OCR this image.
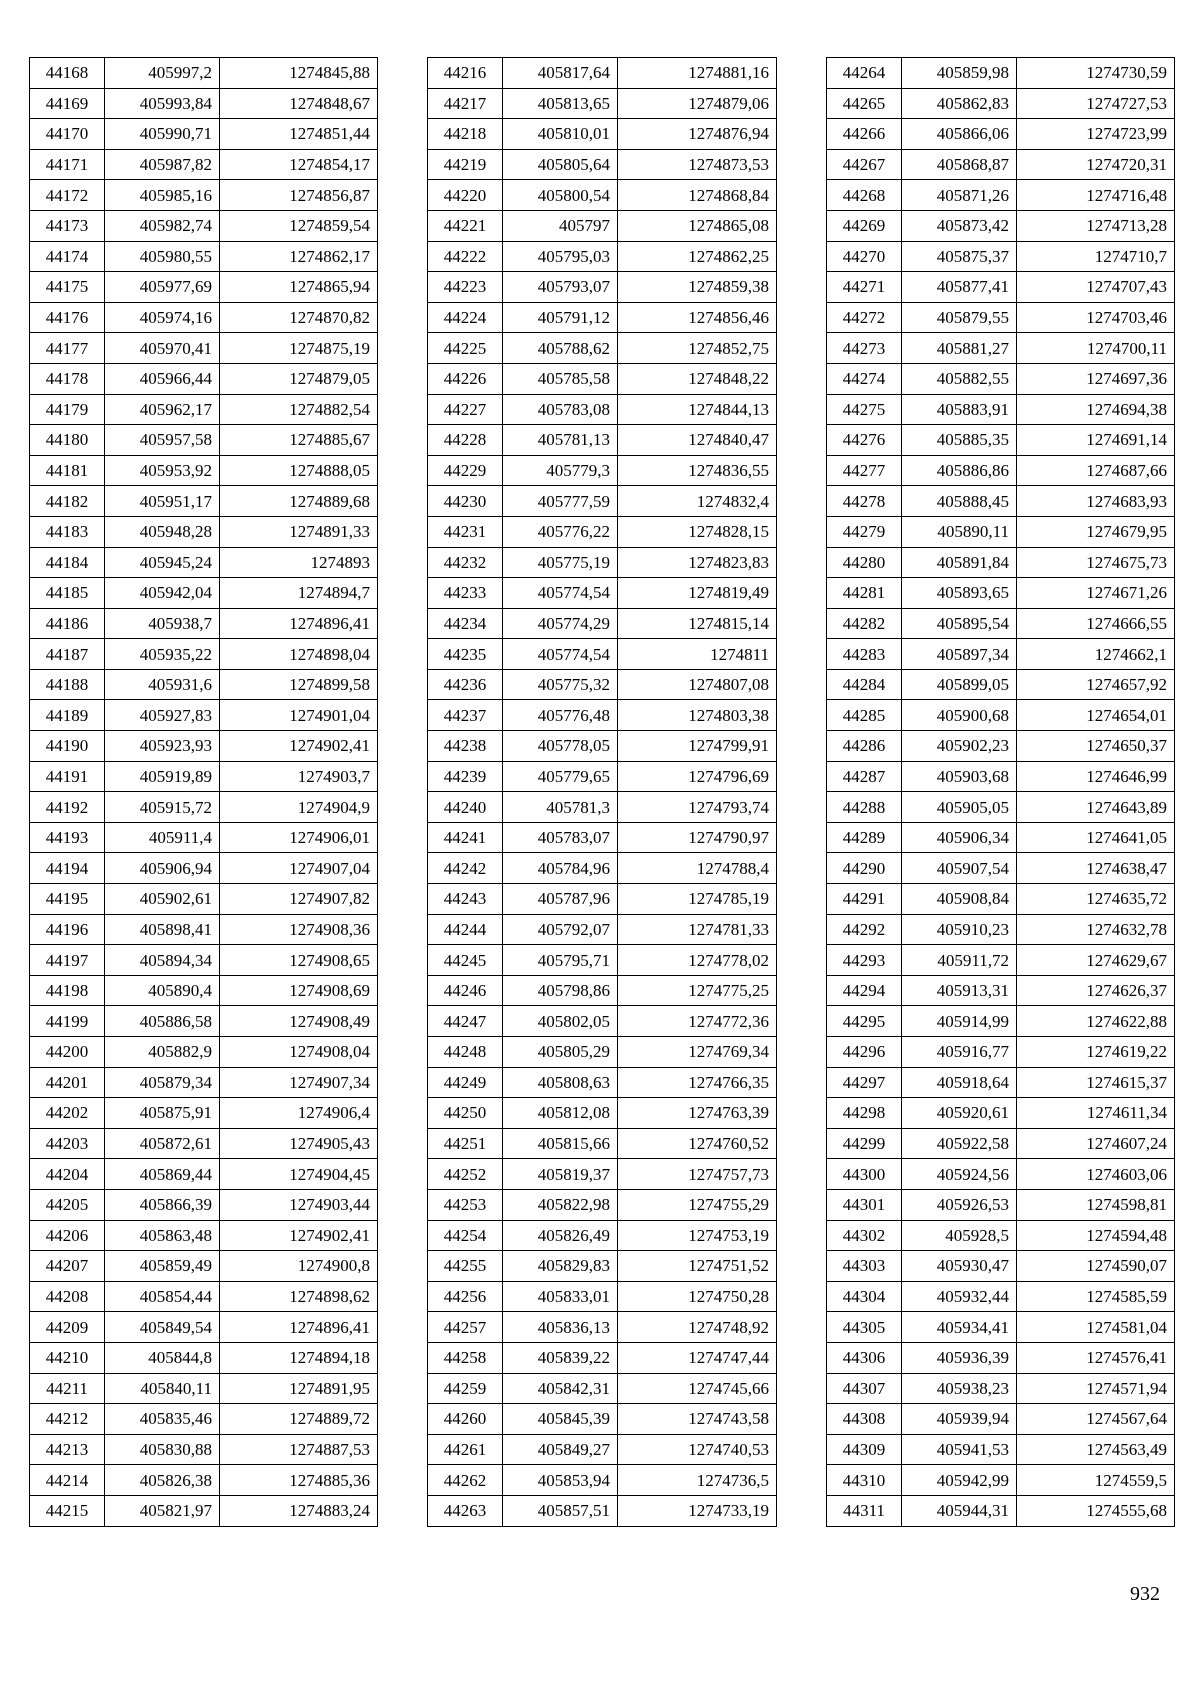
44168	405997,2	1274845,88
44169	405993,84	1274848,67
44170	405990,71	1274851,44
44171	405987,82	1274854,17
44172	405985,16	1274856,87
44173	405982,74	1274859,54
44174	405980,55	1274862,17
44175	405977,69	1274865,94
44176	405974,16	1274870,82
44177	405970,41	1274875,19
44178	405966,44	1274879,05
44179	405962,17	1274882,54
44180	405957,58	1274885,67
44181	405953,92	1274888,05
44182	405951,17	1274889,68
44183	405948,28	1274891,33
44184	405945,24	1274893
44185	405942,04	1274894,7
44186	405938,7	1274896,41
44187	405935,22	1274898,04
44188	405931,6	1274899,58
44189	405927,83	1274901,04
44190	405923,93	1274902,41
44191	405919,89	1274903,7
44192	405915,72	1274904,9
44193	405911,4	1274906,01
44194	405906,94	1274907,04
44195	405902,61	1274907,82
44196	405898,41	1274908,36
44197	405894,34	1274908,65
44198	405890,4	1274908,69
44199	405886,58	1274908,49
44200	405882,9	1274908,04
44201	405879,34	1274907,34
44202	405875,91	1274906,4
44203	405872,61	1274905,43
44204	405869,44	1274904,45
44205	405866,39	1274903,44
44206	405863,48	1274902,41
44207	405859,49	1274900,8
44208	405854,44	1274898,62
44209	405849,54	1274896,41
44210	405844,8	1274894,18
44211	405840,11	1274891,95
44212	405835,46	1274889,72
44213	405830,88	1274887,53
44214	405826,38	1274885,36
44215	405821,97	1274883,24
44216	405817,64	1274881,16
44217	405813,65	1274879,06
44218	405810,01	1274876,94
44219	405805,64	1274873,53
44220	405800,54	1274868,84
44221	405797	1274865,08
44222	405795,03	1274862,25
44223	405793,07	1274859,38
44224	405791,12	1274856,46
44225	405788,62	1274852,75
44226	405785,58	1274848,22
44227	405783,08	1274844,13
44228	405781,13	1274840,47
44229	405779,3	1274836,55
44230	405777,59	1274832,4
44231	405776,22	1274828,15
44232	405775,19	1274823,83
44233	405774,54	1274819,49
44234	405774,29	1274815,14
44235	405774,54	1274811
44236	405775,32	1274807,08
44237	405776,48	1274803,38
44238	405778,05	1274799,91
44239	405779,65	1274796,69
44240	405781,3	1274793,74
44241	405783,07	1274790,97
44242	405784,96	1274788,4
44243	405787,96	1274785,19
44244	405792,07	1274781,33
44245	405795,71	1274778,02
44246	405798,86	1274775,25
44247	405802,05	1274772,36
44248	405805,29	1274769,34
44249	405808,63	1274766,35
44250	405812,08	1274763,39
44251	405815,66	1274760,52
44252	405819,37	1274757,73
44253	405822,98	1274755,29
44254	405826,49	1274753,19
44255	405829,83	1274751,52
44256	405833,01	1274750,28
44257	405836,13	1274748,92
44258	405839,22	1274747,44
44259	405842,31	1274745,66
44260	405845,39	1274743,58
44261	405849,27	1274740,53
44262	405853,94	1274736,5
44263	405857,51	1274733,19
44264	405859,98	1274730,59
44265	405862,83	1274727,53
44266	405866,06	1274723,99
44267	405868,87	1274720,31
44268	405871,26	1274716,48
44269	405873,42	1274713,28
44270	405875,37	1274710,7
44271	405877,41	1274707,43
44272	405879,55	1274703,46
44273	405881,27	1274700,11
44274	405882,55	1274697,36
44275	405883,91	1274694,38
44276	405885,35	1274691,14
44277	405886,86	1274687,66
44278	405888,45	1274683,93
44279	405890,11	1274679,95
44280	405891,84	1274675,73
44281	405893,65	1274671,26
44282	405895,54	1274666,55
44283	405897,34	1274662,1
44284	405899,05	1274657,92
44285	405900,68	1274654,01
44286	405902,23	1274650,37
44287	405903,68	1274646,99
44288	405905,05	1274643,89
44289	405906,34	1274641,05
44290	405907,54	1274638,47
44291	405908,84	1274635,72
44292	405910,23	1274632,78
44293	405911,72	1274629,67
44294	405913,31	1274626,37
44295	405914,99	1274622,88
44296	405916,77	1274619,22
44297	405918,64	1274615,37
44298	405920,61	1274611,34
44299	405922,58	1274607,24
44300	405924,56	1274603,06
44301	405926,53	1274598,81
44302	405928,5	1274594,48
44303	405930,47	1274590,07
44304	405932,44	1274585,59
44305	405934,41	1274581,04
44306	405936,39	1274576,41
44307	405938,23	1274571,94
44308	405939,94	1274567,64
44309	405941,53	1274563,49
44310	405942,99	1274559,5
44311	405944,31	1274555,68
932
